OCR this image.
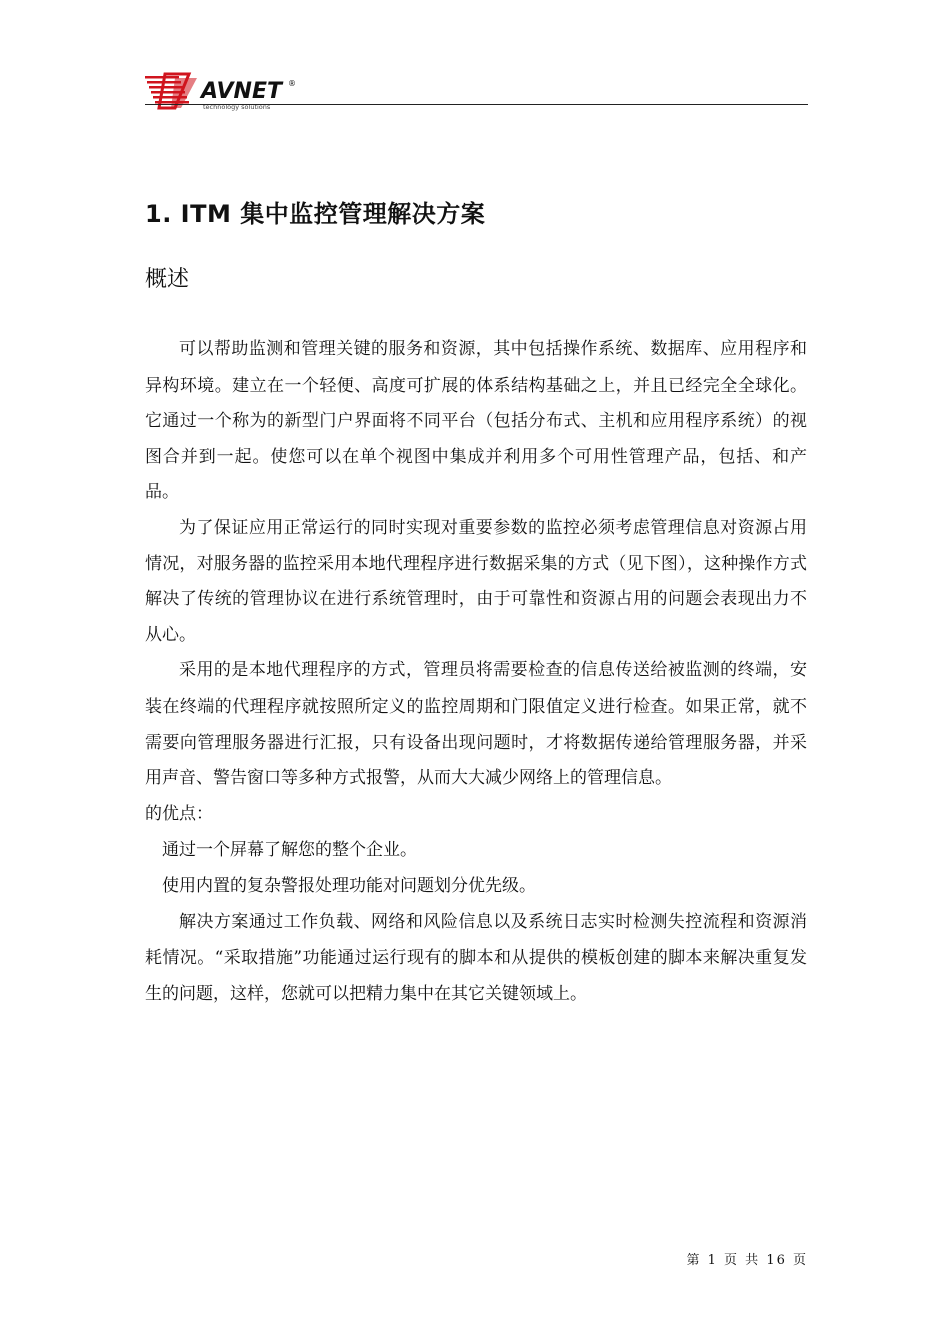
AVNET ®
technology solutions
1. ITM 集中监控管理解决方案
概述

可以帮助监测和管理关键的服务和资源，其中包括操作系统、数据库、应用程序和异构环境。建立在一个轻便、高度可扩展的体系结构基础之上，并且已经完全全球化。它通过一个称为的新型门户界面将不同平台（包括分布式、主机和应用程序系统）的视图合并到一起。使您可以在单个视图中集成并利用多个可用性管理产品，包括、和产品。

为了保证应用正常运行的同时实现对重要参数的监控必须考虑管理信息对资源占用情况，对服务器的监控采用本地代理程序进行数据采集的方式（见下图），这种操作方式解决了传统的管理协议在进行系统管理时，由于可靠性和资源占用的问题会表现出力不从心。

采用的是本地代理程序的方式，管理员将需要检查的信息传送给被监测的终端，安装在终端的代理程序就按照所定义的监控周期和门限值定义进行检查。如果正常，就不需要向管理服务器进行汇报，只有设备出现问题时，才将数据传递给管理服务器，并采用声音、警告窗口等多种方式报警，从而大大减少网络上的管理信息。

的优点：

通过一个屏幕了解您的整个企业。

使用内置的复杂警报处理功能对问题划分优先级。

解决方案通过工作负载、网络和风险信息以及系统日志实时检测失控流程和资源消耗情况。“采取措施”功能通过运行现有的脚本和从提供的模板创建的脚本来解决重复发生的问题，这样，您就可以把精力集中在其它关键领域上。

第 1 页 共 16 页
